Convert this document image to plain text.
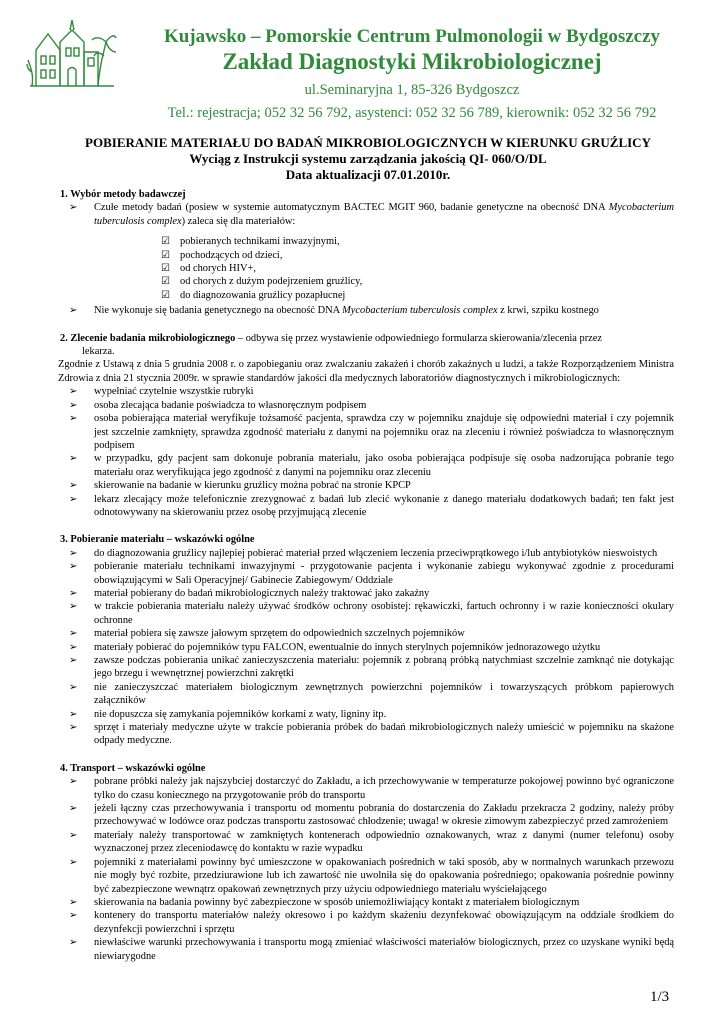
Kujawsko – Pomorskie Centrum Pulmonologii w Bydgoszczy
Zakład Diagnostyki Mikrobiologicznej
ul.Seminaryjna 1, 85-326 Bydgoszcz
Tel.: rejestracja; 052 32 56 792, asystenci: 052 32 56 789, kierownik: 052 32 56 792
POBIERANIE MATERIAŁU DO BADAŃ MIKROBIOLOGICZNYCH W KIERUNKU GRUŹLICY
Wyciąg z Instrukcji systemu zarządzania jakością QI- 060/O/DL
Data aktualizacji 07.01.2010r.
1. Wybór metody badawczej
➢ Czułe metody badań (posiew w systemie automatycznym BACTEC MGIT 960, badanie genetyczne na obecność DNA Mycobacterium tuberculosis complex) zaleca się dla materiałów:
☑ pobieranych technikami inwazyjnymi,
☑ pochodzących od dzieci,
☑ od chorych HIV+,
☑ od chorych z dużym podejrzeniem gruźlicy,
☑ do diagnozowania gruźlicy pozapłucnej
➢ Nie wykonuje się badania genetycznego na obecność DNA Mycobacterium tuberculosis complex z krwi, szpiku kostnego
2. Zlecenie badania mikrobiologicznego – odbywa się przez wystawienie odpowiedniego formularza skierowania/zlecenia przez
lekarza.
Zgodnie z Ustawą z dnia 5 grudnia 2008 r. o zapobieganiu oraz zwalczaniu zakażeń i chorób zakaźnych u ludzi, a także Rozporządzeniem Ministra Zdrowia z dnia 21 stycznia 2009r. w sprawie standardów jakości dla medycznych laboratoriów diagnostycznych i mikrobiologicznych:
➢ wypełniać czytelnie wszystkie rubryki
➢ osoba zlecająca badanie poświadcza to własnoręcznym podpisem
➢ osoba pobierająca materiał weryfikuje tożsamość pacjenta, sprawdza czy w pojemniku znajduje się odpowiedni materiał i czy pojemnik jest szczelnie zamknięty, sprawdza zgodność materiału z danymi na pojemniku oraz na zleceniu i również poświadcza to własnoręcznym podpisem
➢ w przypadku, gdy pacjent sam dokonuje pobrania materiału, jako osoba pobierająca podpisuje się osoba nadzorująca pobranie tego materiału oraz weryfikująca jego zgodność z danymi na pojemniku oraz zleceniu
➢ skierowanie na badanie w kierunku gruźlicy można pobrać na stronie KPCP
➢ lekarz zlecający może telefonicznie zrezygnować z badań lub zlecić wykonanie z danego materiału dodatkowych badań; ten fakt jest odnotowywany na skierowaniu przez osobę przyjmującą zlecenie
3. Pobieranie materiału – wskazówki ogólne
➢ do diagnozowania gruźlicy najlepiej pobierać materiał przed włączeniem leczenia przeciwprątkowego i/lub antybiotyków nieswoistych
➢ pobieranie materiału technikami inwazyjnymi - przygotowanie pacjenta i wykonanie zabiegu wykonywać zgodnie z procedurami obowiązującymi w Sali Operacyjnej/ Gabinecie Zabiegowym/ Oddziale
➢ materiał pobierany do badań mikrobiologicznych należy traktować jako zakaźny
➢ w trakcie pobierania materiału należy używać środków ochrony osobistej: rękawiczki, fartuch ochronny i w razie konieczności okulary ochronne
➢ materiał pobiera się zawsze jałowym sprzętem do odpowiednich szczelnych pojemników
➢ materiały pobierać do pojemników typu FALCON, ewentualnie do innych sterylnych pojemników jednorazowego użytku
➢ zawsze podczas pobierania unikać zanieczyszczenia materiału: pojemnik z pobraną próbką natychmiast szczelnie zamknąć nie dotykając jego brzegu i wewnętrznej powierzchni zakrętki
➢ nie zanieczyszczać materiałem biologicznym zewnętrznych powierzchni pojemników i towarzyszących próbkom papierowych załączników
➢ nie dopuszcza się zamykania pojemników korkami z waty, ligniny itp.
➢ sprzęt i materiały medyczne użyte w trakcie pobierania próbek do badań mikrobiologicznych należy umieścić w pojemniku na skażone odpady medyczne.
4. Transport – wskazówki ogólne
➢ pobrane próbki należy jak najszybciej dostarczyć do Zakładu, a ich przechowywanie w temperaturze pokojowej powinno być ograniczone tylko do czasu koniecznego na przygotowanie prób do transportu
➢ jeżeli łączny czas przechowywania i transportu od momentu pobrania do dostarczenia do Zakładu przekracza 2 godziny, należy próby przechowywać w lodówce oraz podczas transportu zastosować chłodzenie; uwaga! w okresie zimowym zabezpieczyć przed zamrożeniem
➢ materiały należy transportować w zamkniętych kontenerach odpowiednio oznakowanych, wraz z danymi (numer telefonu) osoby wyznaczonej przez zleceniodawcę do kontaktu w razie wypadku
➢ pojemniki z materiałami powinny być umieszczone w opakowaniach pośrednich w taki sposób, aby w normalnych warunkach przewozu nie mogły być rozbite, przedziurawione lub ich zawartość nie uwolniła się do opakowania pośredniego; opakowania pośrednie powinny być zabezpieczone wewnątrz opakowań zewnętrznych przy użyciu odpowiedniego materiału wyściełającego
➢ skierowania na badania powinny być zabezpieczone w sposób uniemożliwiający kontakt z materiałem biologicznym
➢ kontenery do transportu materiałów należy okresowo i po każdym skażeniu dezynfekować obowiązującym na oddziale środkiem do dezynfekcji powierzchni i sprzętu
➢ niewłaściwe warunki przechowywania i transportu mogą zmieniać właściwości materiałów biologicznych, przez co uzyskane wyniki będą niewiarygodne
1/3
